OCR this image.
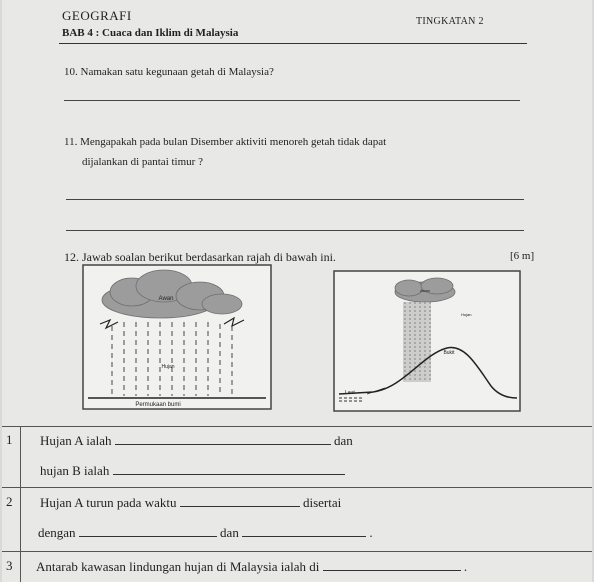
GEOGRAFI	TINGKATAN 2
BAB 4 : Cuaca dan Iklim di Malaysia
10. Namakan satu kegunaan getah di Malaysia?
11. Mengapakah pada bulan Disember aktiviti menoreh getah tidak dapat
dijalankan di pantai timur ?
12. Jawab soalan berikut berdasarkan rajah di bawah ini.	[6 m]
Awan
Hujan
Permukaan bumi
Awan
Hujan
Bukit
Laut
1 Hujan A ialah	dan
hujan B ialah
2 Hujan A turun pada waktu	disertai
dengan	dan	.
3 Antarab kawasan lindungan hujan di Malaysia ialah di	.
